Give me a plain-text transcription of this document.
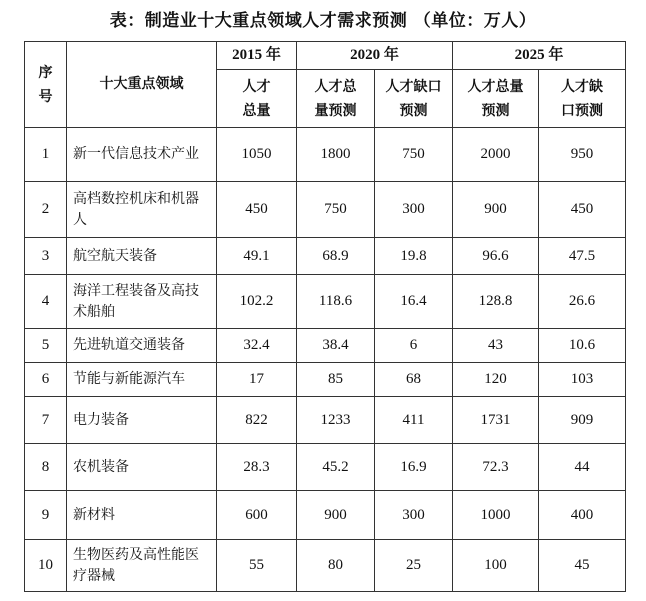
表：制造业十大重点领域人才需求预测 （单位：万人）
序号	十大重点领域	2015 年	2020 年		2025 年	
		人才总量	人才总量预测	人才缺口预测	人才总量预测	人才缺口预测
1	新一代信息技术产业	1050	1800	750	2000	950
2	高档数控机床和机器人	450	750	300	900	450
3	航空航天装备	49.1	68.9	19.8	96.6	47.5
4	海洋工程装备及高技术船舶	102.2	118.6	16.4	128.8	26.6
5	先进轨道交通装备	32.4	38.4	6	43	10.6
6	节能与新能源汽车	17	85	68	120	103
7	电力装备	822	1233	411	1731	909
8	农机装备	28.3	45.2	16.9	72.3	44
9	新材料	600	900	300	1000	400
10	生物医药及高性能医疗器械	55	80	25	100	45
